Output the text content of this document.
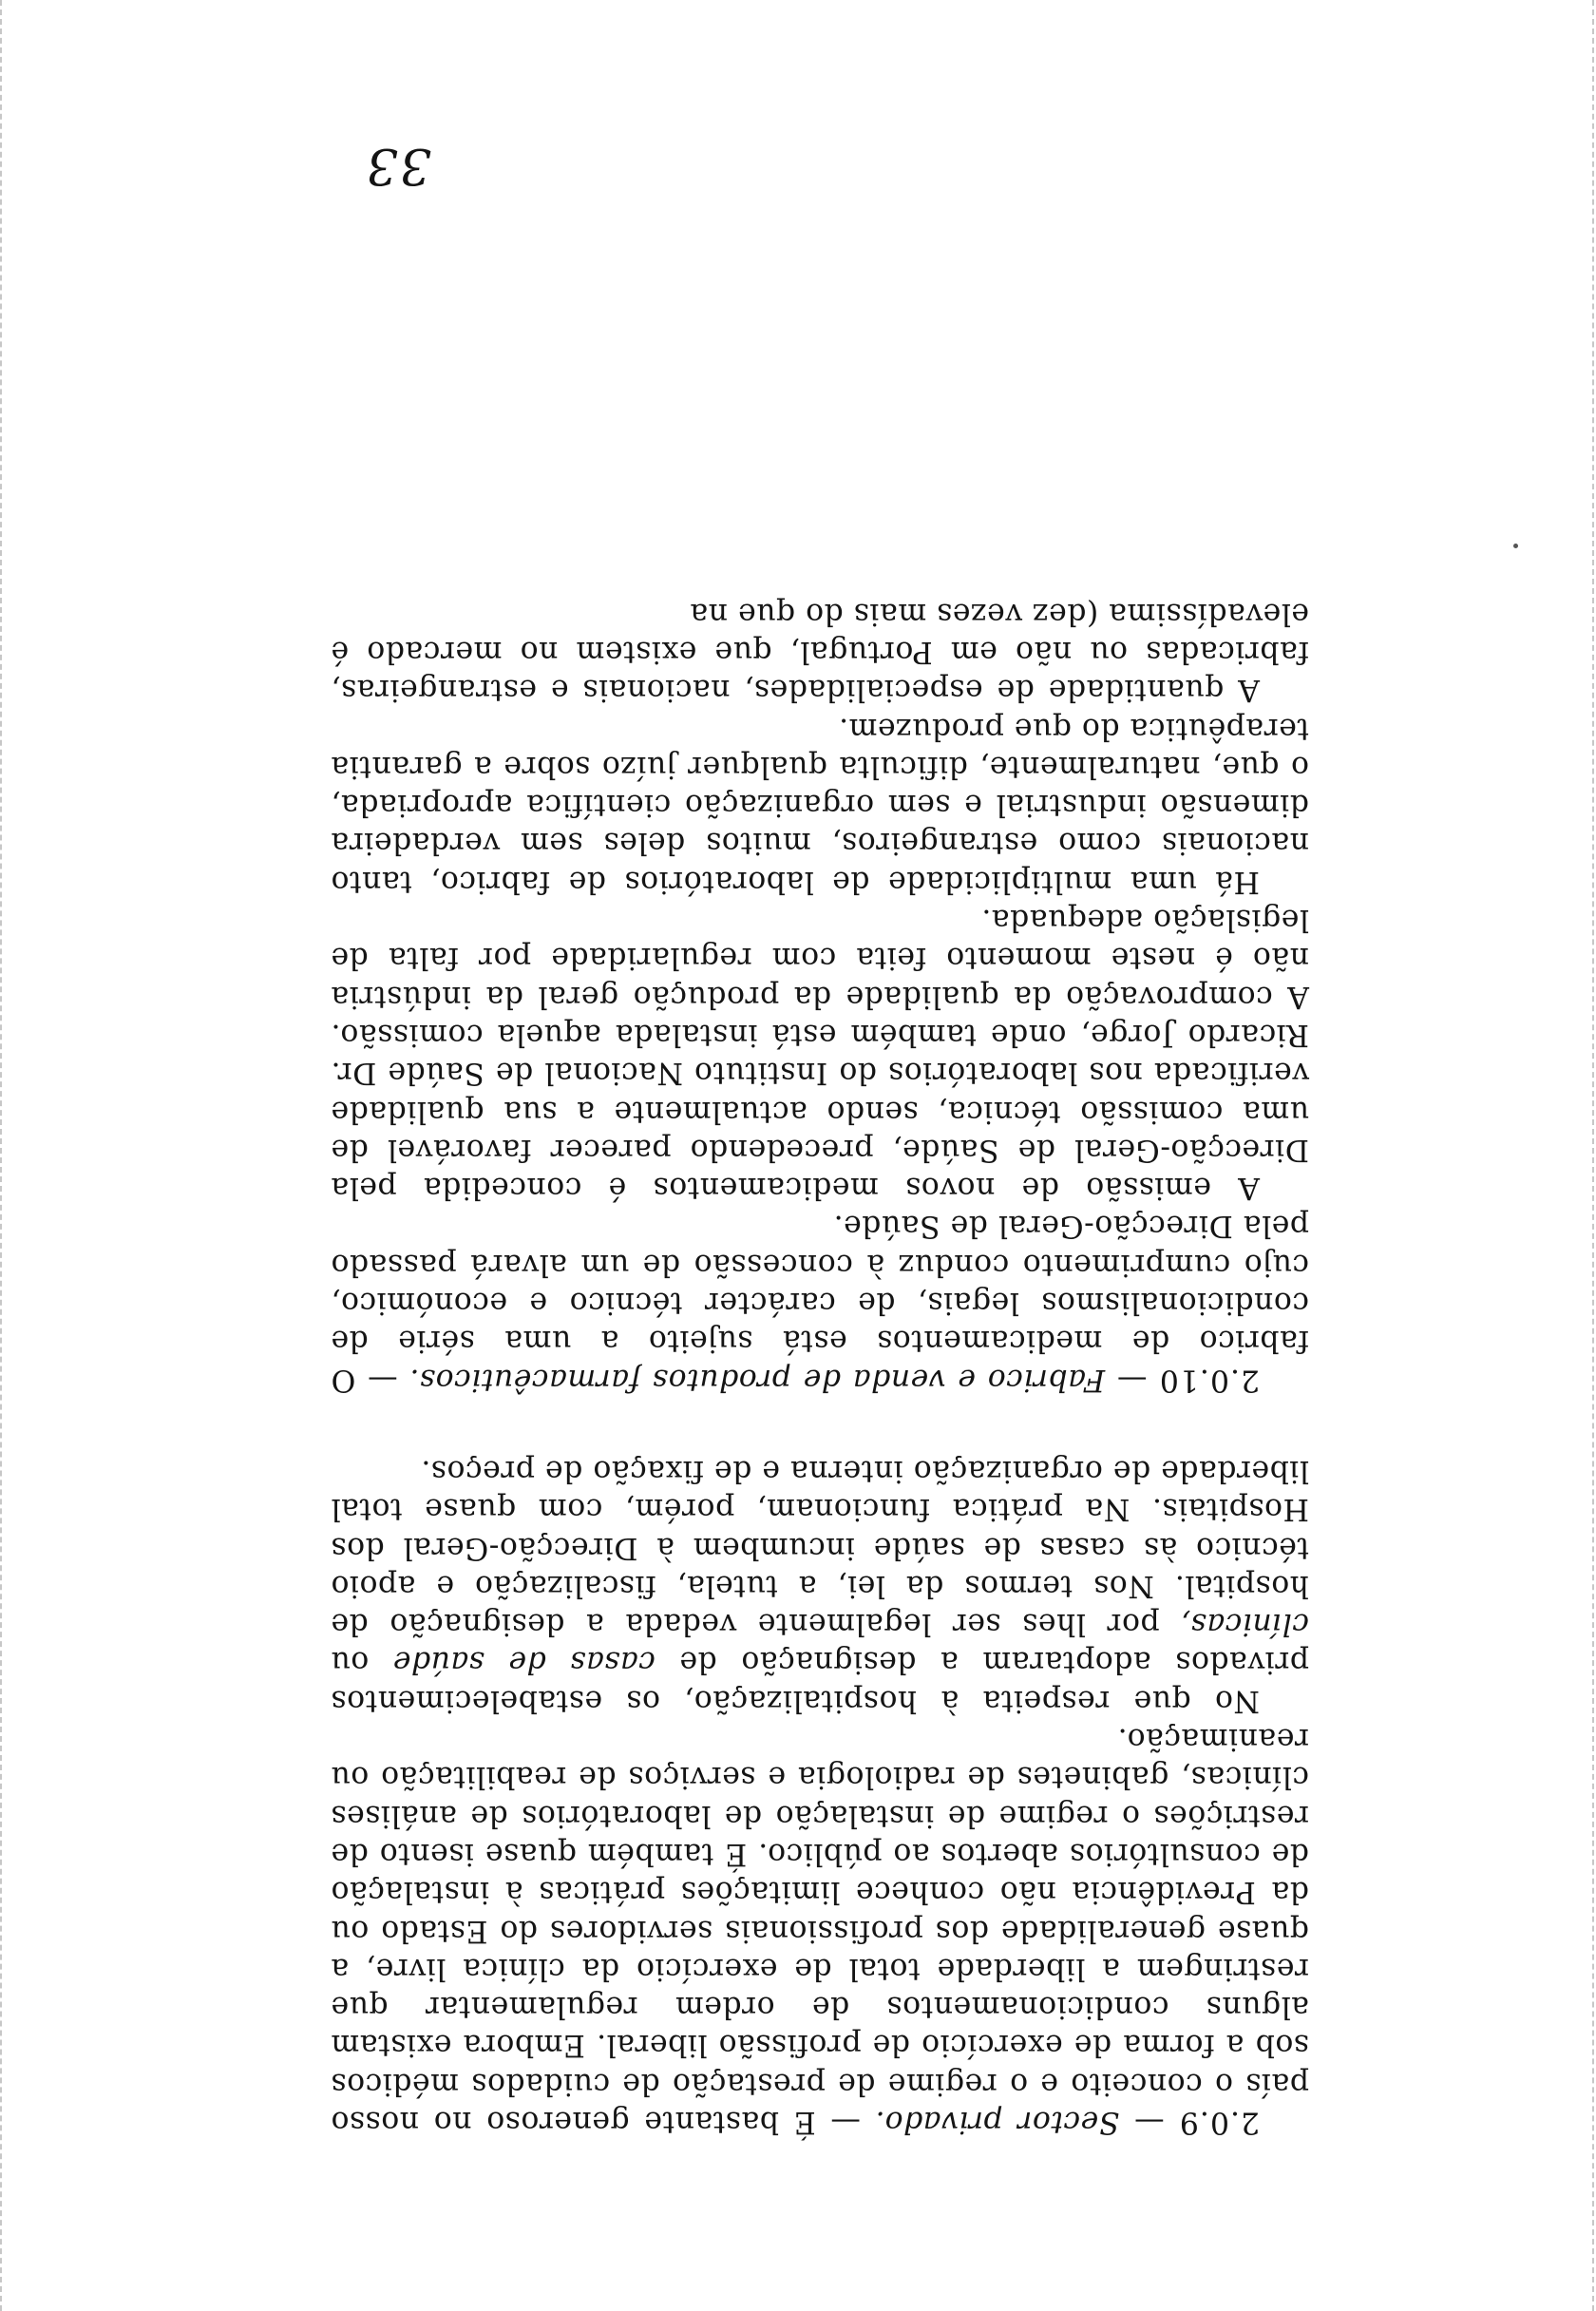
33

2.0.9 — Sector privado. — É bastante generoso no nosso país o conceito e o regime de prestação de cuidados médicos sob a forma de exercício de profissão liberal. Embora existam alguns condicionamentos de ordem regulamentar que restringem a liberdade total de exercício da clínica livre, a quase generalidade dos profissionais servidores do Estado ou da Previdência não conhece limitações práticas à instalação de consultórios abertos ao público. É também quase isento de restrições o regime de instalação de laboratórios de análises clínicas, gabinetes de radiologia e serviços de reabilitação ou reanimação.

No que respeita à hospitalização, os estabelecimentos privados adoptaram a designação de casas de saúde ou clínicas, por lhes ser legalmente vedada a designação de hospital. Nos termos da lei, a tutela, fiscalização e apoio técnico às casas de saúde incumbem à Direcção-Geral dos Hospitais. Na prática funcionam, porém, com quase total liberdade de organização interna e de fixação de preços.

2.0.10 — Fabrico e venda de produtos farmacêuticos. — O fabrico de medicamentos está sujeito a uma série de condicionalismos legais, de carácter técnico e económico, cujo cumprimento conduz à concessão de um alvará passado pela Direcção-Geral de Saúde.

A emissão de novos medicamentos é concedida pela Direcção-Geral de Saúde, precedendo parecer favorável de uma comissão técnica, sendo actualmente a sua qualidade verificada nos laboratórios do Instituto Nacional de Saúde Dr. Ricardo Jorge, onde também está instalada aquela comissão. A comprovação da qualidade da produção geral da indústria não é neste momento feita com regularidade por falta de legislação adequada.

Há uma multiplicidade de laboratórios de fabrico, tanto nacionais como estrangeiros, muitos deles sem verdadeira dimensão industrial e sem organização científica apropriada, o que, naturalmente, dificulta qualquer juízo sobre a garantia terapêutica do que produzem.

A quantidade de especialidades, nacionais e estrangeiras, fabricadas ou não em Portugal, que existem no mercado é elevadíssima (dez vezes mais do que na
